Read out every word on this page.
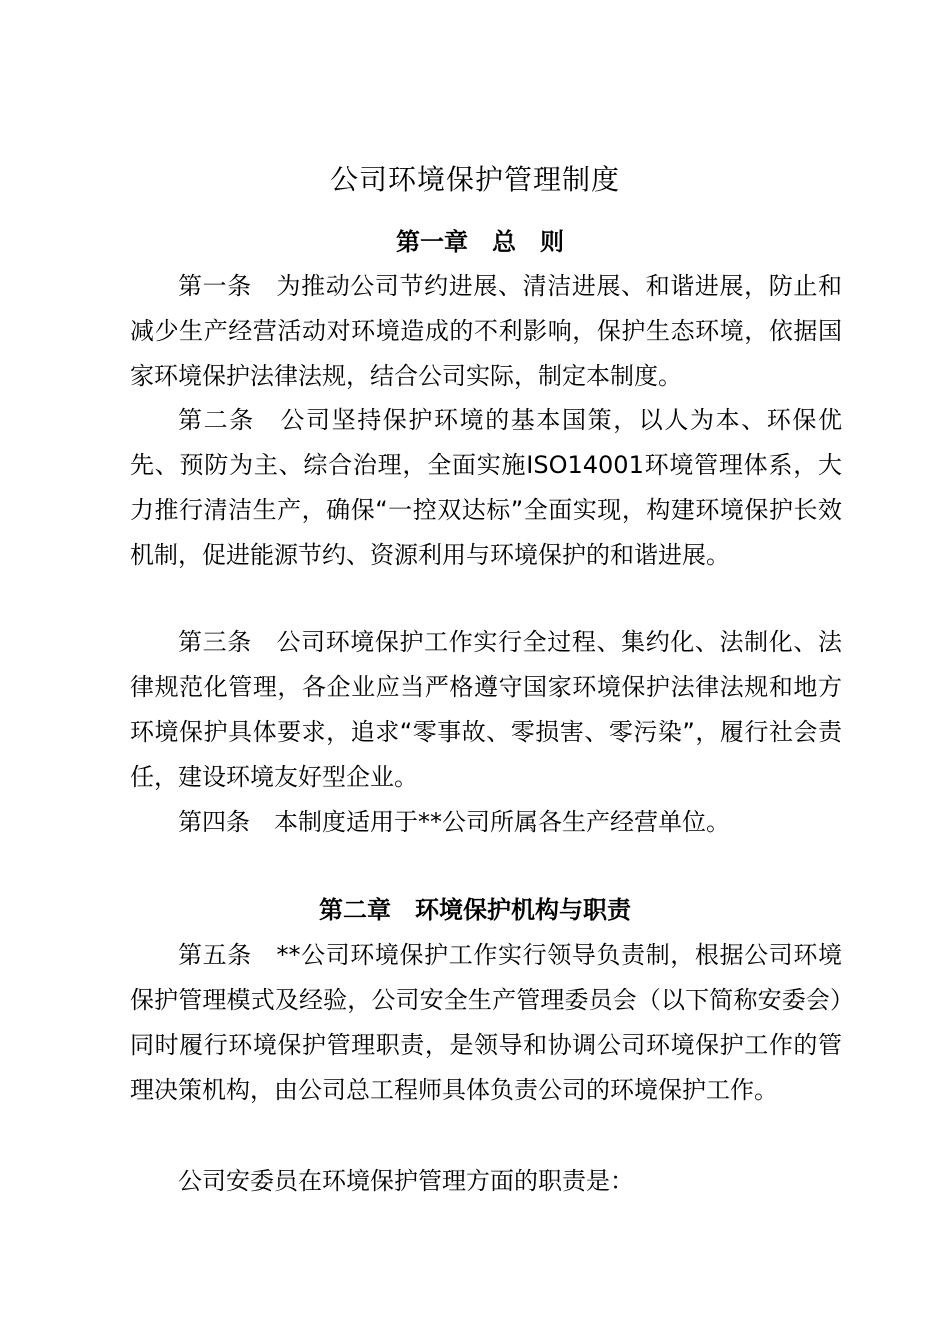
公司环境保护管理制度
第一章　总　则

第一条　为推动公司节约进展、清洁进展、和谐进展，防止和减少生产经营活动对环境造成的不利影响，保护生态环境，依据国家环境保护法律法规，结合公司实际，制定本制度。

第二条　公司坚持保护环境的基本国策，以人为本、环保优先、预防为主、综合治理，全面实施ISO14001环境管理体系，大力推行清洁生产，确保“一控双达标”全面实现，构建环境保护长效机制，促进能源节约、资源利用与环境保护的和谐进展。

第三条　公司环境保护工作实行全过程、集约化、法制化、法律规范化管理，各企业应当严格遵守国家环境保护法律法规和地方环境保护具体要求，追求“零事故、零损害、零污染”，履行社会责任，建设环境友好型企业。

第四条　本制度适用于**公司所属各生产经营单位。

第二章　环境保护机构与职责

第五条　**公司环境保护工作实行领导负责制，根据公司环境保护管理模式及经验，公司安全生产管理委员会（以下简称安委会）同时履行环境保护管理职责，是领导和协调公司环境保护工作的管理决策机构，由公司总工程师具体负责公司的环境保护工作。

公司安委员在环境保护管理方面的职责是：
